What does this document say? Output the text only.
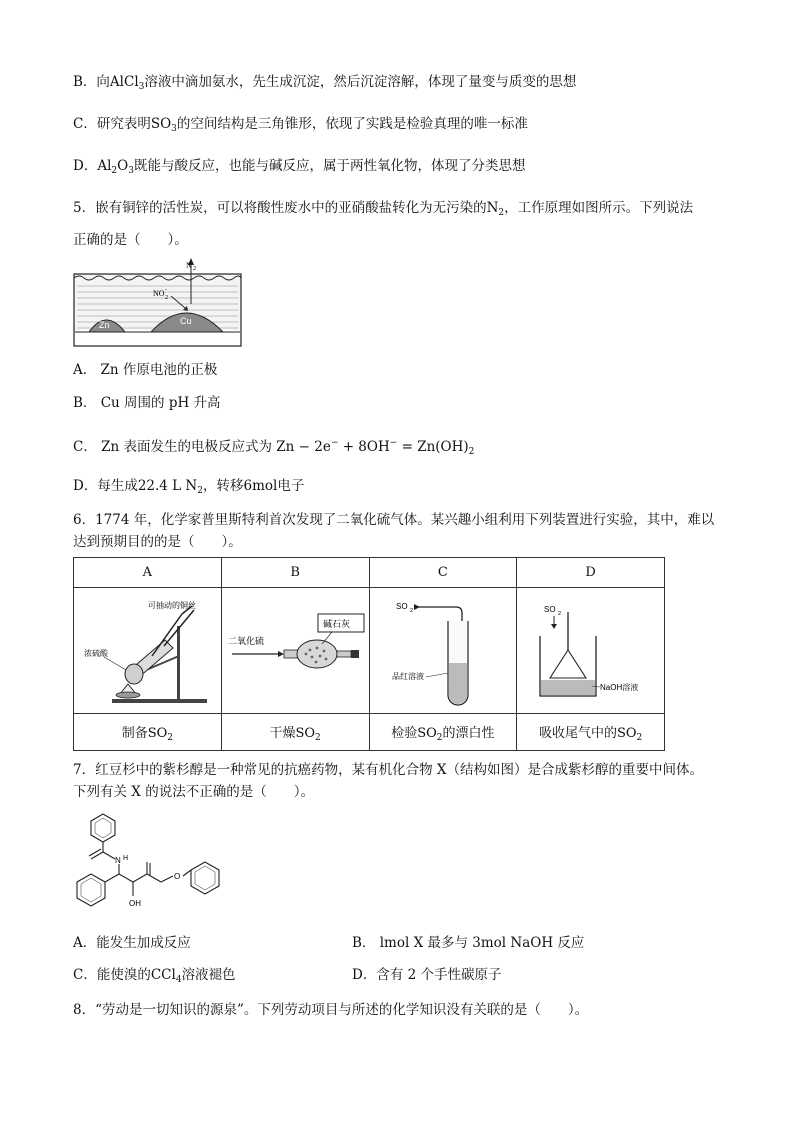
B．向AlCl$_3$溶液中滴加氨水，先生成沉淀，然后沉淀溶解，体现了量变与质变的思想
C．研究表明$SO_3$的空间结构是三角锥形，依现了实践是检验真理的唯一标准
D．$Al_2O_3$既能与酸反应，也能与碱反应，属于两性氧化物，体现了分类思想
5．嵌有铜锌的活性炭，可以将酸性废水中的亚硝酸盐转化为无污染的$N_2$，工作原理如图所示。下列说法
正确的是（　　）。
Zn	Cu
N 2
NO -
2
A． Zn 作原电池的正极
B． Cu 周围的 pH 升高
C． Zn 表面发生的电极反应式为 $Zn - 2e^- + 8OH^- = Zn(OH)_2$
D．每生成22.4 L $N_2$，转移6mol电子
6．1774 年，化学家普里斯特利首次发现了二氧化硫气体。某兴趣小组利用下列装置进行实验，其中，难以
达到预期目的的是（　　）。
A	B	C	D

可抽动的铜丝
浓硫酸	二氧化硫
碱石灰	SO 2
品红溶液	SO 2
NaOH溶液

制备$SO_2$	干燥$SO_2$	检验$SO_2$的漂白性	吸收尾气中的$SO_2$
7．红豆杉中的紫杉醇是一种常见的抗癌药物，某有机化合物 X（结构如图）是合成紫杉醇的重要中间体。
下列有关 X 的说法不正确的是（　　）。
N H
OH
O
A．能发生加成反应	B． lmol X 最多与 3mol NaOH 反应
C．能使溴的CCl$_4$溶液褪色	D．含有 2 个手性碳原子
8．“劳动是一切知识的源泉”。下列劳动项目与所述的化学知识没有关联的是（　　）。
